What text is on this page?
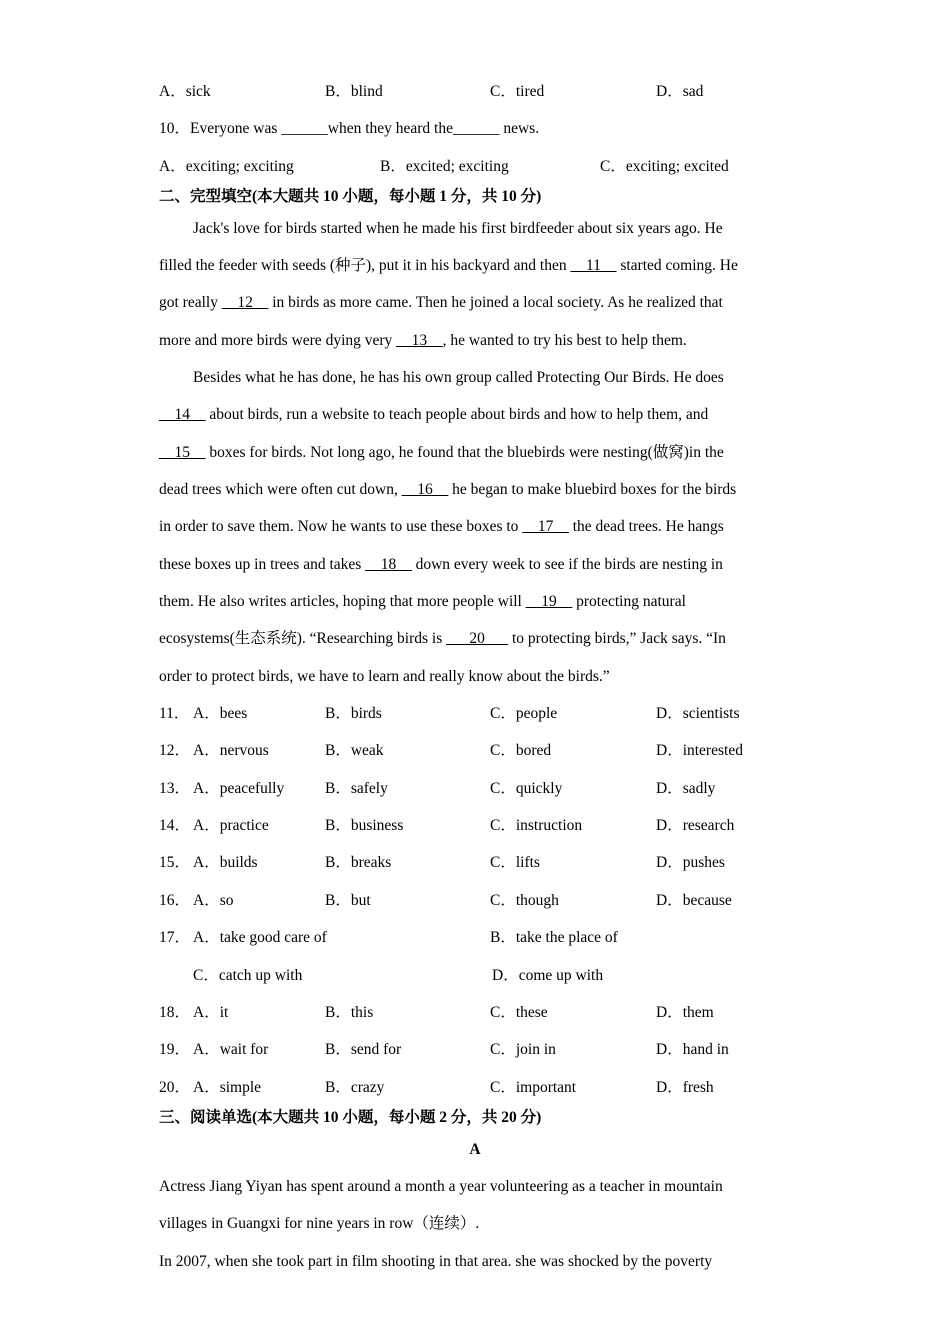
A．sick	B．blind	C．tired	D．sad
10．Everyone was ______when they heard the______ news.
A．exciting; exciting	B．excited; exciting	C．exciting; excited
二、完型填空(本大题共 10 小题，每小题 1 分，共 10 分)
Jack's love for birds started when he made his first birdfeeder about six years ago. He
filled the feeder with seeds (种子), put it in his backyard and then __11__ started coming. He
got really __12__ in birds as more came. Then he joined a local society. As he realized that
more and more birds were dying very __13__, he wanted to try his best to help them.
Besides what he has done, he has his own group called Protecting Our Birds. He does
__14__ about birds, run a website to teach people about birds and how to help them, and
__15__ boxes for birds. Not long ago, he found that the bluebirds were nesting(做窝)in the
dead trees which were often cut down, __16__ he began to make bluebird boxes for the birds
in order to save them. Now he wants to use these boxes to __17__ the dead trees. He hangs
these boxes up in trees and takes __18__ down every week to see if the birds are nesting in
them. He also writes articles, hoping that more people will __19__ protecting natural
ecosystems(生态系统). “Researching birds is ___20___ to protecting birds,” Jack says. “In
order to protect birds, we have to learn and really know about the birds.”
11． A．bees	B．birds	C．people	D．scientists
12． A．nervous	B．weak	C．bored	D．interested
13． A．peacefully	B．safely	C．quickly	D．sadly
14． A．practice	B．business	C．instruction	D．research
15． A．builds	B．breaks	C．lifts	D．pushes
16． A．so	B．but	C．though	D．because
17． A．take good care of	B．take the place of
C．catch up with	D．come up with
18． A．it	B．this	C．these	D．them
19． A．wait for	B．send for	C．join in	D．hand in
20． A．simple	B．crazy	C．important	D．fresh
三、阅读单选(本大题共 10 小题，每小题 2 分，共 20 分)
A
Actress Jiang Yiyan has spent around a month a year volunteering as a teacher in mountain
villages in Guangxi for nine years in row（连续）.
In 2007, when she took part in film shooting in that area. she was shocked by the poverty
